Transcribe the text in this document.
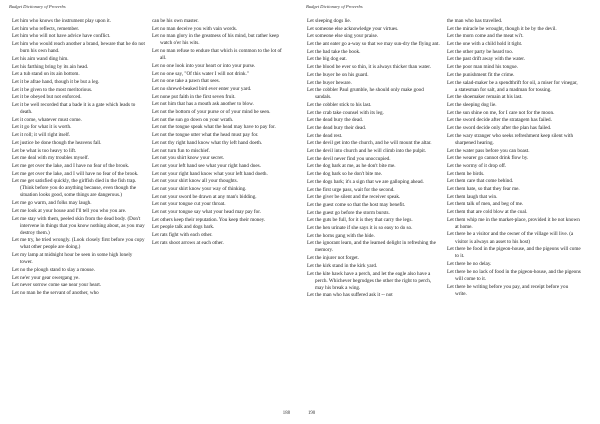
Budget Dictionary of Proverbs

Let him who knows the instrument play upon it.

Let him who reflects, remember.

Let him who will not have advice have conflict.

Let him who would reach another a brand, beware that he do not burn his own hand.

Let his aim wand ding him.

Let his farthing bring by its ain head.

Let a tub stand on its ain bottom.

Let it be afrae hand, though it be but a leg.

Let it be given to the most meritorious.

Let it be obeyed but not enforced.

Let it be well recorded that a bade it is a gate which leads to death.

Let it come, whatever must come.

Let it go for what it is worth.

Let it roll; it will right itself.

Let justice be done though the heavens fall.

Let be what is too heavy to lift.

Let me deal with my troubles myself.

Let me get over the lake, and I have no fear of the brook.

Let me get over the lake, and I will have no fear of the brook.

Let me get satisfied quickly, the girlfish died in the fish trap. (Think before you do anything because, even though the situation looks good, some things are dangerous.)

Let me go warm, and folks may laugh.

Let me look at your house and I'll tell you who you are.

Let me stay with them, peeled skin from the dead body. (Don't intervene in things that you know nothing about, as you may destroy them.)

Let me try, he tried wrongly. (Look closely first before you copy what other people are doing.)

Let my lamp at midnight hour be seen in some high lonely tower.

Let no the plough stand to slay a mouse.

Let ne'er your gear owergang ye.

Let never sorrow come sae near your heart.

Let no man be the servant of another, who

can be his own master.

Let no man deceive you with vain words.

Let no man glory in the greatness of his mind, but rather keep watch o'er his wits.

Let no man refuse to endure that which is common to the lot of all.

Let no one look into your heart or into your purse.

Let no one say, "Of this water I will not drink."

Let no one take a pawn that sees.

Let no shrewd-beaked bird ever enter your yard.

Let none put faith in the first seven fruit.

Let not him that has a mouth ask another to blow.

Let not the bottom of your purse or of your mind be seen.

Let not the sun go down on your wrath.

Let not the tongue speak what the head may have to pay for.

Let not the tongue utter what the head must pay for.

Let not thy right hand know what thy left hand doeth.

Let not turn fun to mischief.

Let not you shirt know your secret.

Let not your left hand see what your right hand does.

Let not your right hand know what your left hand doeth.

Let not your shirt know all your thoughts.

Let not your shirt know your way of thinking.

Let not your sword be drawn at any man's bidding.

Let not your tongue cut your throat.

Let not your tongue say what your head may pay for.

Let others keep their reputation. You keep their money.

Let people talk and dogs bark.

Let rats fight with each other.

Let rats shoot arrows at each other.

188
Budget Dictionary of Proverbs

Let sleeping dogs lie.

Let someone else acknowledge your virtues.

Let someone else sing your praise.

Let the ant eater go a-way so that we may sun-dry the flying ant.

Let the bad take the book.

Let the big dog eat.

Let the blood be ever so thin, it is always thicker than water.

Let the buyer be on his guard.

Let the buyer beware.

Let the cobbler Paul grumble, he should only make good sandals.

Let the cobbler stick to his last.

Let the crab take counsel with its leg.

Let the dead bury the dead.

Let the dead bury their dead.

Let the dead rest.

Let the devil get into the church, and he will mount the altar.

Let the devil into church and he will climb into the pulpit.

Let the devil never find you unoccupied.

Let the dog bark at me, as he don't bite me.

Let the dog bark so he don't bite me.

Let the dogs bark; it's a sign that we are galloping ahead.

Let the first urge pass, wait for the second.

Let the giver be silent and the receiver speak.

Let the guest come so that the host may benefit.

Let the guest go before the storm bursts.

Let the guts be full, for it is they that carry the legs.

Let the hen urinate if she says it is so easy to do so.

Let the horns gang with the hide.

Let the ignorant learn, and the learned delight in refreshing the memory.

Let the injurer not forget.

Let the kirk stand in the kirk yard.

Let the kite hawk have a perch, and let the eagle also have a perch. Whichever begrudges the other the right to perch, may his break a wing.

Let the man who has suffered ask it -- not

the man who has travelled.

Let the miracle be wrought, though it be by the devil.

Let the morn come and the meat wi't.

Let the one with a child hold it tight.

Let the other party be heard too.

Let the past drift away with the water.

Let the poor man mind his tongue.

Let the punishment fit the crime.

Let the salad-maker be a spendthrift for oil, a miser for vinegar, a statesman for salt, and a madman for tossing.

Let the shoemaker remain at his last.

Let the sleeping dog lie.

Let the sun shine on me, for I care not for the moon.

Let the sword decide after the stratagem has failed.

Let the sword decide only after the plan has failed.

Let the wary stranger who seeks refreshment keep silent with sharpened hearing.

Let the water pass before you can boast.

Let the wearer go cannot drink flow by.

Let the wormy of it drop off.

Let them be birds.

Let them care that come behind.

Let them hate, so that they fear me.

Let them laugh that win.

Let them talk of men, and beg of me.

Let them that are cold blow at the coal.

Let them whip me in the market-place, provided it be not known at home.

Let there be a visitor and the owner of the village will live. (a visitor is always an asset to his host)

Let there be food in the pigeon-house, and the pigeons will come to it.

Let there be no delay.

Let there be no lack of food in the pigeon-house, and the pigeons will come to it.

Let there be writing before you pay, and receipt before you write.

190
